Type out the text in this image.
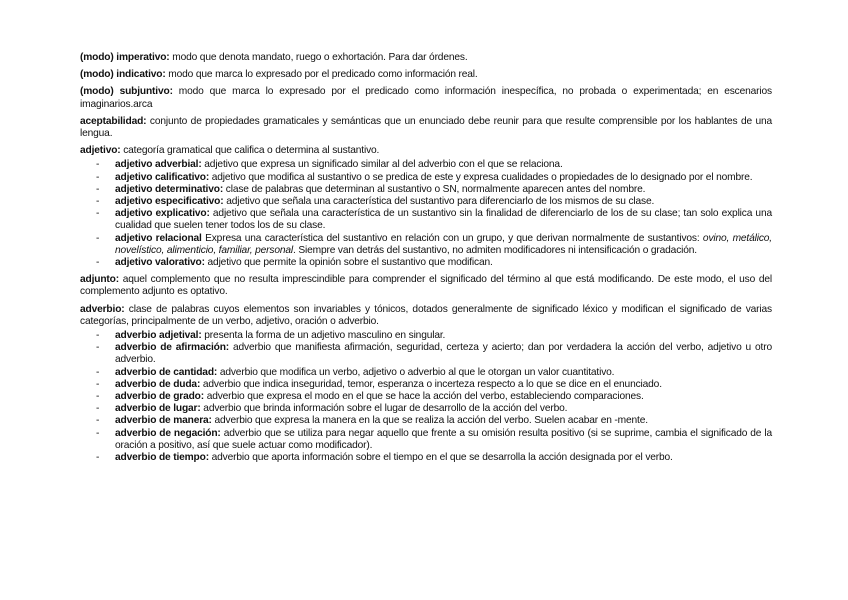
(modo) imperativo: modo que denota mandato, ruego o exhortación. Para dar órdenes.

(modo) indicativo: modo que marca lo expresado por el predicado como información real.

(modo) subjuntivo: modo que marca lo expresado por el predicado como información inespecífica, no probada o experimentada; en escenarios imaginarios.arca

aceptabilidad: conjunto de propiedades gramaticales y semánticas que un enunciado debe reunir para que resulte comprensible por los hablantes de una lengua.

adjetivo: categoría gramatical que califica o determina al sustantivo.

- adjetivo adverbial: adjetivo que expresa un significado similar al del adverbio con el que se relaciona.
- adjetivo calificativo: adjetivo que modifica al sustantivo o se predica de este y expresa cualidades o propiedades de lo designado por el nombre.
- adjetivo determinativo: clase de palabras que determinan al sustantivo o SN, normalmente aparecen antes del nombre.
- adjetivo especificativo: adjetivo que señala una característica del sustantivo para diferenciarlo de los mismos de su clase.
- adjetivo explicativo: adjetivo que señala una característica de un sustantivo sin la finalidad de diferenciarlo de los de su clase; tan solo explica una cualidad que suelen tener todos los de su clase.
- adjetivo relacional Expresa una característica del sustantivo en relación con un grupo, y que derivan normalmente de sustantivos: ovino, metálico, novelístico, alimenticio, familiar, personal. Siempre van detrás del sustantivo, no admiten modificadores ni intensificación o gradación.
- adjetivo valorativo: adjetivo que permite la opinión sobre el sustantivo que modifican.

adjunto: aquel complemento que no resulta imprescindible para comprender el significado del término al que está modificando. De este modo, el uso del complemento adjunto es optativo.

adverbio: clase de palabras cuyos elementos son invariables y tónicos, dotados generalmente de significado léxico y modifican el significado de varias categorías, principalmente de un verbo, adjetivo, oración o adverbio.

- adverbio adjetival: presenta la forma de un adjetivo masculino en singular.
- adverbio de afirmación: adverbio que manifiesta afirmación, seguridad, certeza y acierto; dan por verdadera la acción del verbo, adjetivo u otro adverbio.
- adverbio de cantidad: adverbio que modifica un verbo, adjetivo o adverbio al que le otorgan un valor cuantitativo.
- adverbio de duda: adverbio que indica inseguridad, temor, esperanza o incerteza respecto a lo que se dice en el enunciado.
- adverbio de grado: adverbio que expresa el modo en el que se hace la acción del verbo, estableciendo comparaciones.
- adverbio de lugar: adverbio que brinda información sobre el lugar de desarrollo de la acción del verbo.
- adverbio de manera: adverbio que expresa la manera en la que se realiza la acción del verbo. Suelen acabar en -mente.
- adverbio de negación: adverbio que se utiliza para negar aquello que frente a su omisión resulta positivo (si se suprime, cambia el significado de la oración a positivo, así que suele actuar como modificador).
- adverbio de tiempo: adverbio que aporta información sobre el tiempo en el que se desarrolla la acción designada por el verbo.
